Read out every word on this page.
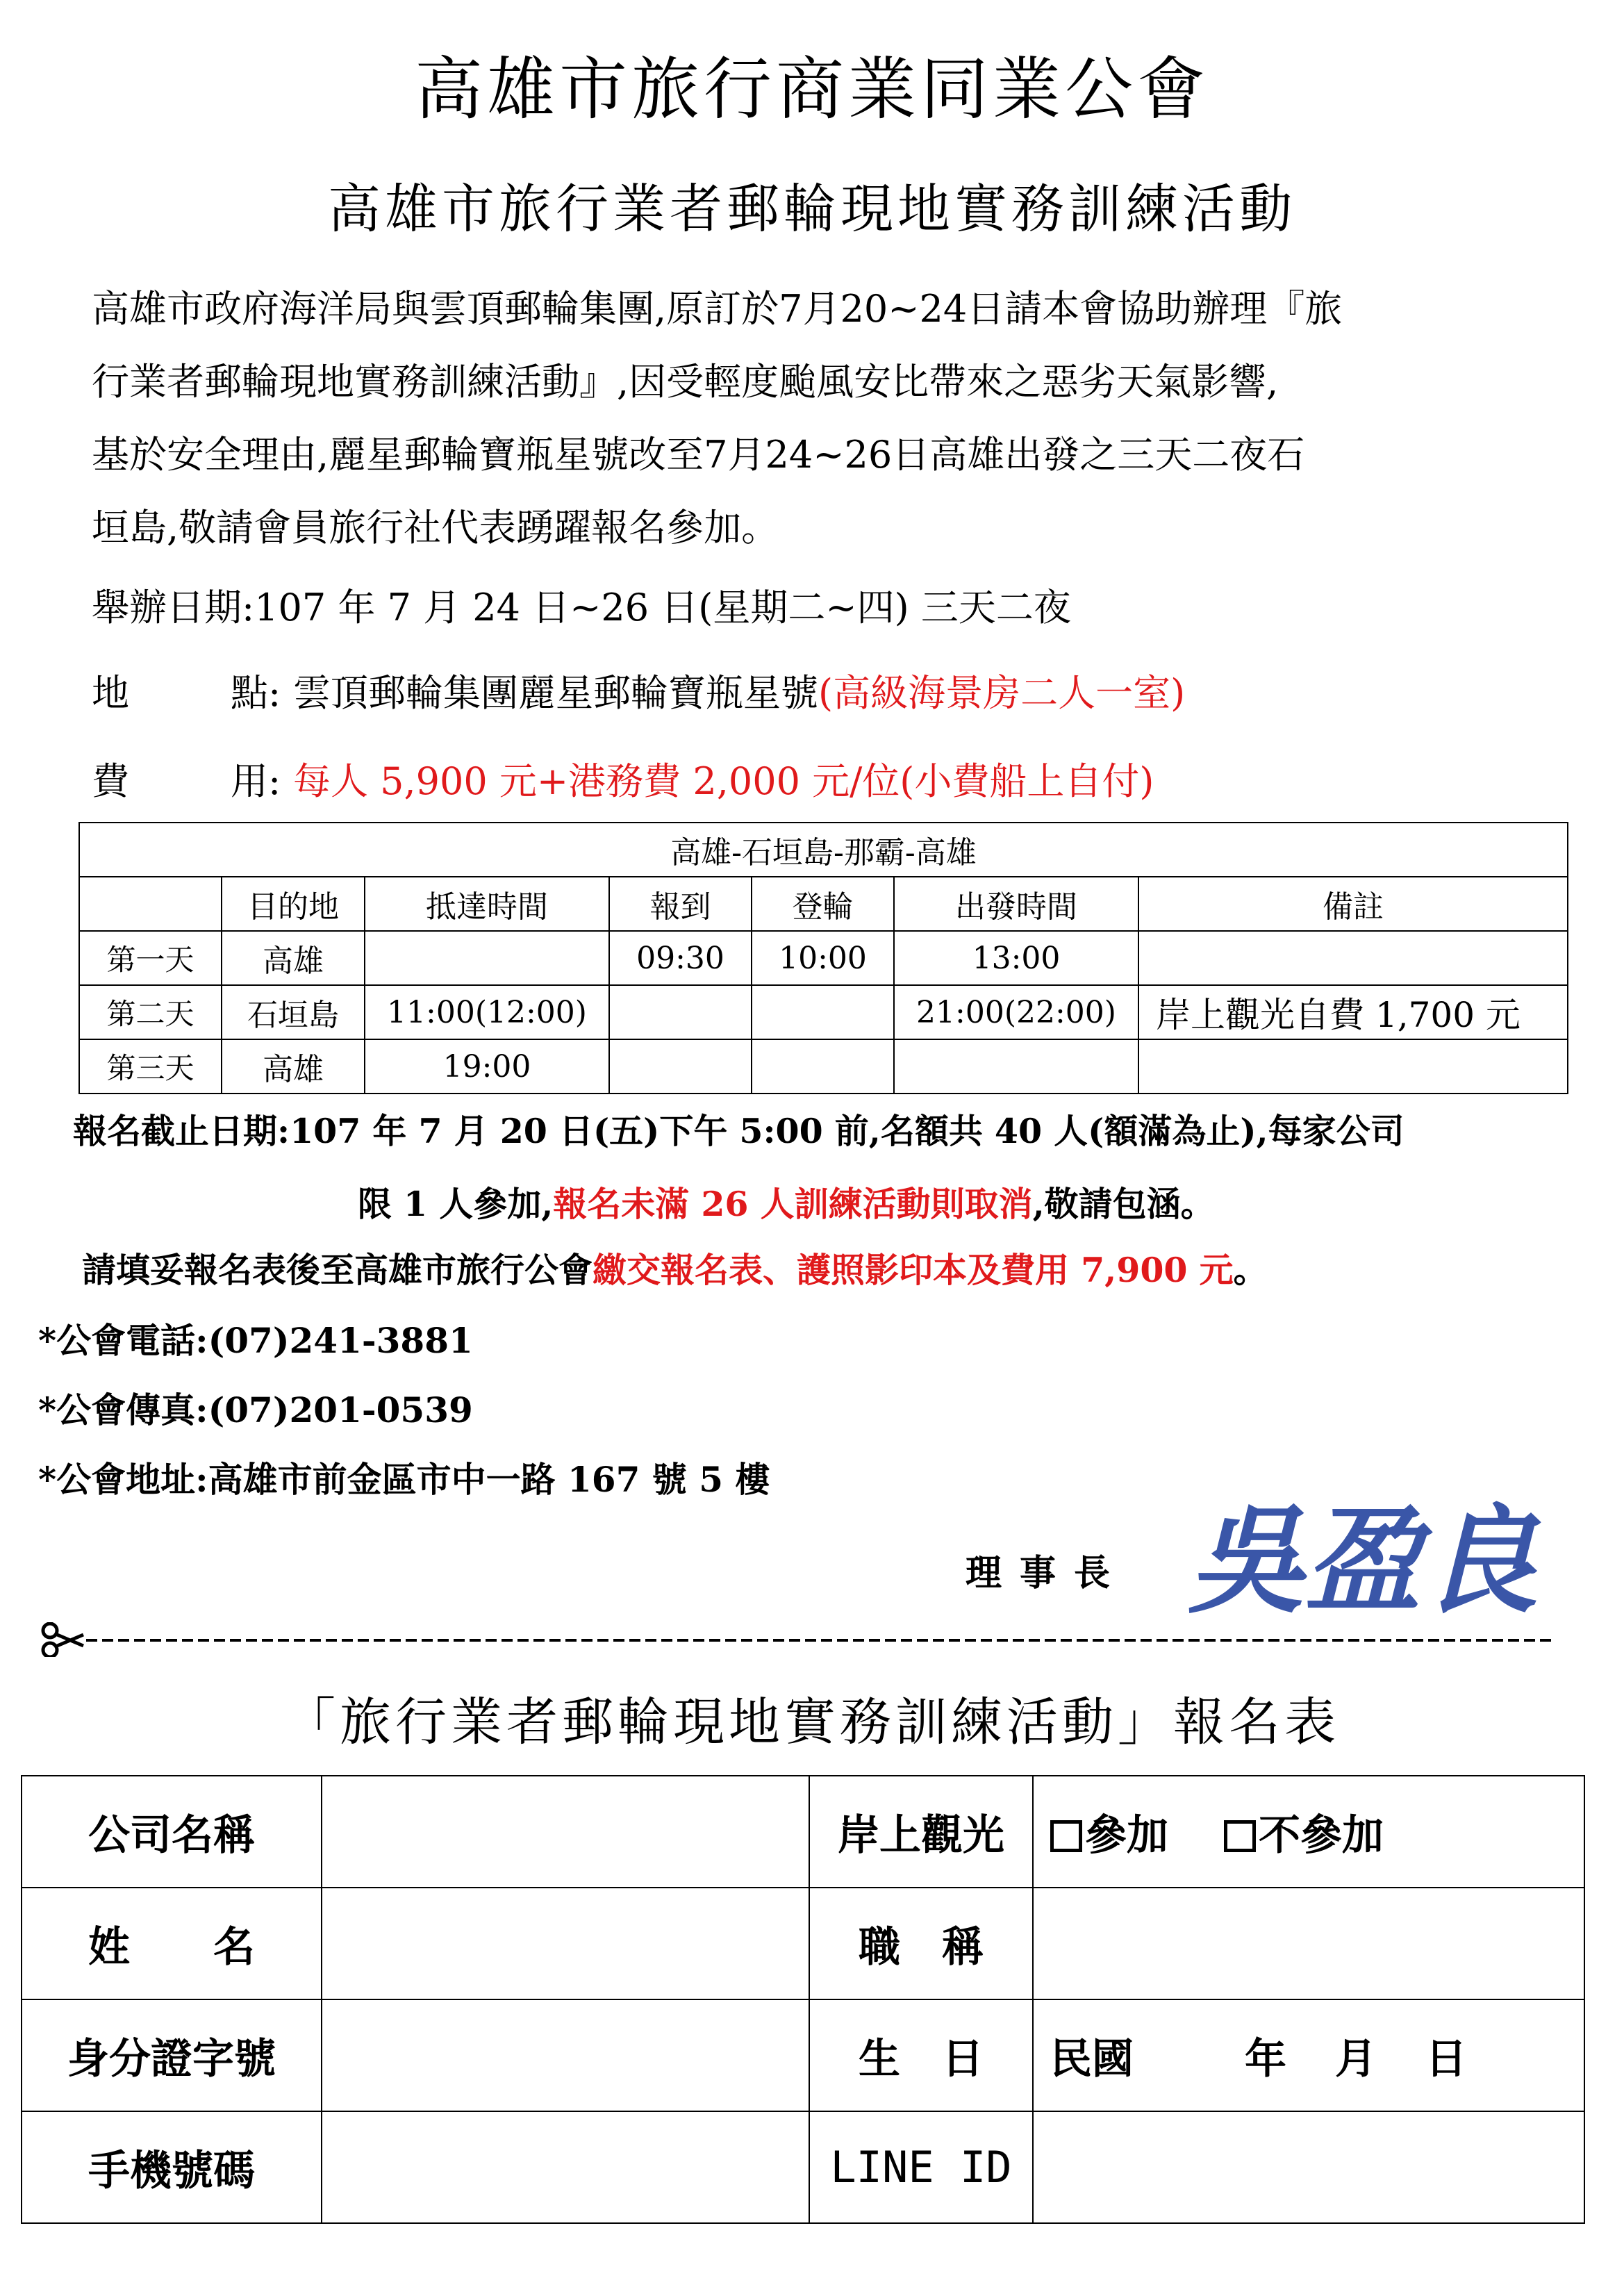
高雄市旅行商業同業公會
高雄市旅行業者郵輪現地實務訓練活動
高雄市政府海洋局與雲頂郵輪集團,原訂於7月20~24日請本會協助辦理『旅
行業者郵輪現地實務訓練活動』,因受輕度颱風安比帶來之惡劣天氣影響,
基於安全理由,麗星郵輪寶瓶星號改至7月24~26日高雄出發之三天二夜石
垣島,敬請會員旅行社代表踴躍報名參加。
舉辦日期:107 年 7 月 24 日~26 日(星期二~四) 三天二夜
地	點: 雲頂郵輪集團麗星郵輪寶瓶星號(高級海景房二人一室)
費	用: 每人 5,900 元+港務費 2,000 元/位(小費船上自付)
高雄-石垣島-那霸-高雄						
	目的地	抵達時間	報到	登輪	出發時間	備註
第一天	高雄		09:30	10:00	13:00	
第二天	石垣島	11:00(12:00)			21:00(22:00)	岸上觀光自費 1,700 元
第三天	高雄	19:00				
報名截止日期:107 年 7 月 20 日(五)下午 5:00 前,名額共 40 人(額滿為止),每家公司
限 1 人參加,報名未滿 26 人訓練活動則取消,敬請包涵。
請填妥報名表後至高雄市旅行公會繳交報名表、護照影印本及費用 7,900 元。
*公會電話:(07)241-3881
*公會傳真:(07)201-0539
*公會地址:高雄市前金區市中一路 167 號 5 樓
理事長 吳盈良
「旅行業者郵輪現地實務訓練活動」報名表
公司名稱		岸上觀光	參加 不參加
姓　　名		職　稱	
身分證字號		生　日	民國 年 月 日
手機號碼		LINE ID	
